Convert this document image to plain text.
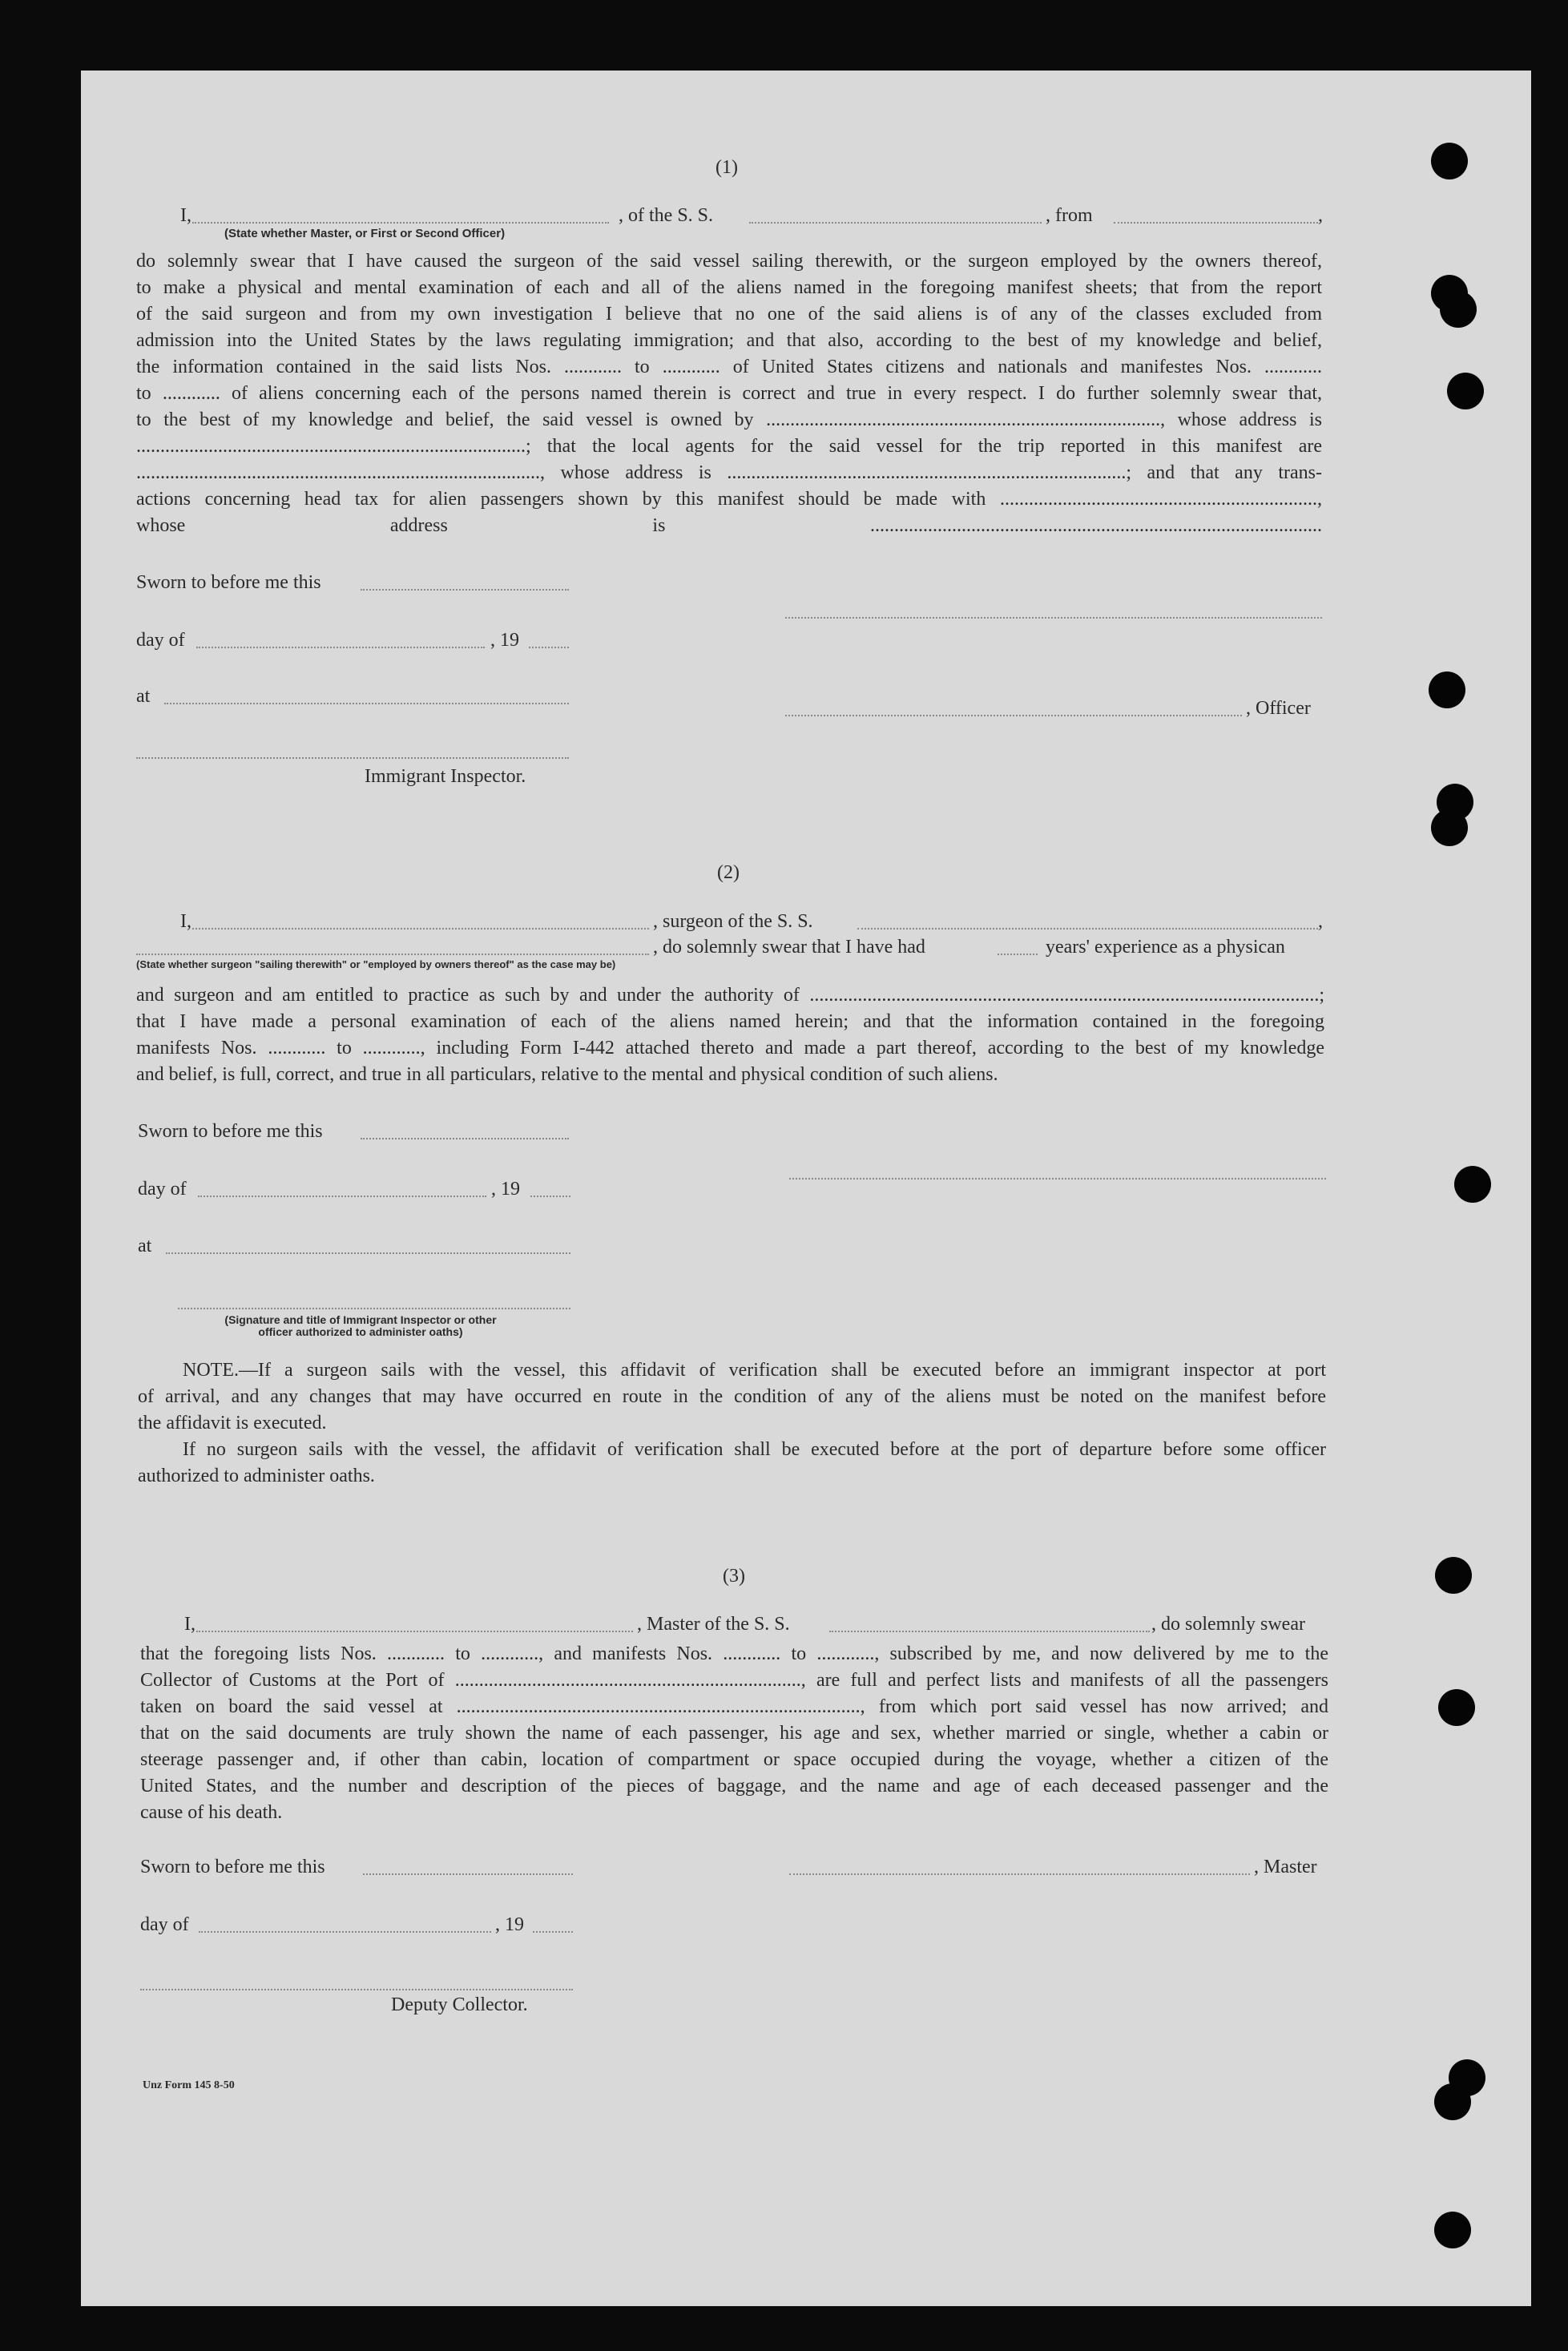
(1)
I,	, of the S. S.	, from	,
(State whether Master, or First or Second Officer)
do solemnly swear that I have caused the surgeon of the said vessel sailing therewith, or the surgeon employed by the owners thereof,
to make a physical and mental examination of each and all of the aliens named in the foregoing manifest sheets; that from the report
of the said surgeon and from my own investigation I believe that no one of the said aliens is of any of the classes excluded from
admission into the United States by the laws regulating immigration; and that also, according to the best of my knowledge and belief,
the information contained in the said lists Nos. ............ to ............ of United States citizens and nationals and manifestes Nos. ............
to ............ of aliens concerning each of the persons named therein is correct and true in every respect. I do further solemnly swear that,
to the best of my knowledge and belief, the said vessel is owned by .................................................................................., whose address is
.................................................................................; that the local agents for the said vessel for the trip reported in this manifest are
...................................................................................., whose address is ...................................................................................; and that any trans-
actions concerning head tax for alien passengers shown by this manifest should be made with ..................................................................,
whose address is ..............................................................................................
Sworn to before me this
day of	, 19
at
, Officer
Immigrant Inspector.
(2)
I,	, surgeon of the S. S.	,
, do solemnly swear that I have had	years' experience as a physican
(State whether surgeon "sailing therewith" or "employed by owners thereof" as the case may be)
and surgeon and am entitled to practice as such by and under the authority of ..........................................................................................................;
that I have made a personal examination of each of the aliens named herein; and that the information contained in the foregoing
manifests Nos. ............ to ............, including Form I-442 attached thereto and made a part thereof, according to the best of my knowledge
and belief, is full, correct, and true in all particulars, relative to the mental and physical condition of such aliens.
Sworn to before me this
day of	, 19
at
(Signature and title of Immigrant Inspector or other
officer authorized to administer oaths)
NOTE.—If a surgeon sails with the vessel, this affidavit of verification shall be executed before an immigrant inspector at port
of arrival, and any changes that may have occurred en route in the condition of any of the aliens must be noted on the manifest before
the affidavit is executed.
If no surgeon sails with the vessel, the affidavit of verification shall be executed before at the port of departure before some officer
authorized to administer oaths.
(3)
I,	, Master of the S. S.	, do solemnly swear
that the foregoing lists Nos. ............ to ............, and manifests Nos. ............ to ............, subscribed by me, and now delivered by me to the
Collector of Customs at the Port of ........................................................................, are full and perfect lists and manifests of all the passengers
taken on board the said vessel at ...................................................................................., from which port said vessel has now arrived; and
that on the said documents are truly shown the name of each passenger, his age and sex, whether married or single, whether a cabin or
steerage passenger and, if other than cabin, location of compartment or space occupied during the voyage, whether a citizen of the
United States, and the number and description of the pieces of baggage, and the name and age of each deceased passenger and the
cause of his death.
Sworn to before me this	, Master
day of	, 19
Deputy Collector.
Unz Form 145 8-50
